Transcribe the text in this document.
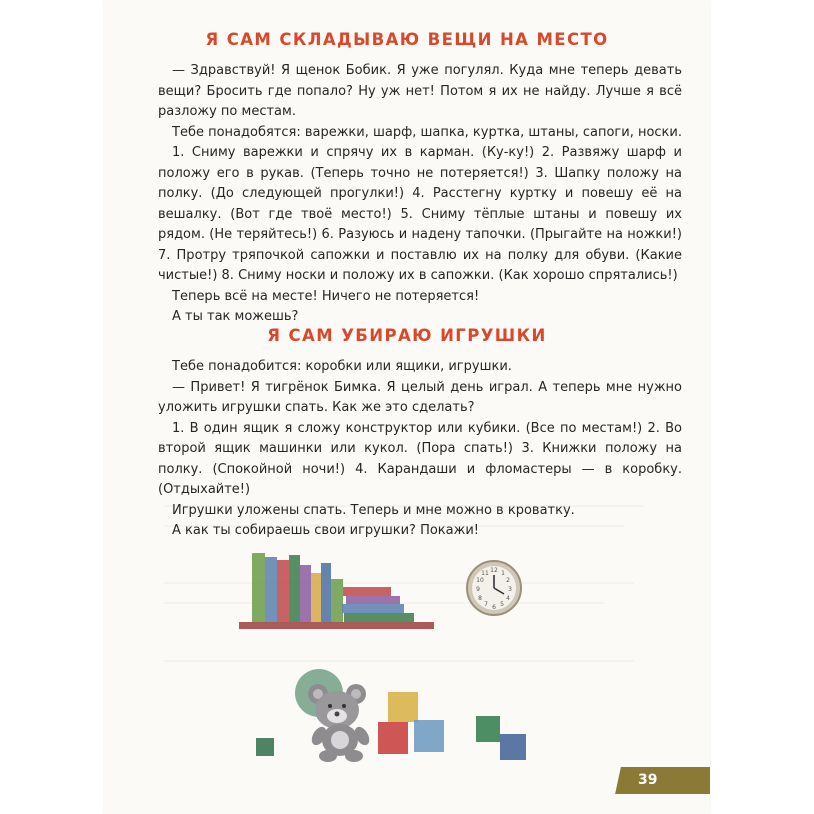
Я САМ СКЛАДЫВАЮ ВЕЩИ НА МЕСТО

— Здравствуй! Я щенок Бобик. Я уже погулял. Куда мне теперь девать вещи? Бросить где попало? Ну уж нет! Потом я их не найду. Лучше я всё разложу по местам.

Тебе понадобятся: варежки, шарф, шапка, куртка, штаны, сапоги, носки.

1. Сниму варежки и спрячу их в карман. (Ку-ку!) 2. Развяжу шарф и положу его в рукав. (Теперь точно не потеряется!) 3. Шапку положу на полку. (До следующей прогулки!) 4. Расстегну куртку и повешу её на вешалку. (Вот где твоё место!) 5. Сниму тёплые штаны и повешу их рядом. (Не теряйтесь!) 6. Разуюсь и надену тапочки. (Прыгайте на ножки!) 7. Протру тряпочкой сапожки и поставлю их на полку для обуви. (Какие чистые!) 8. Сниму носки и положу их в сапожки. (Как хорошо спрятались!)

Теперь всё на месте! Ничего не потеряется!

А ты так можешь?

Я САМ УБИРАЮ ИГРУШКИ

Тебе понадобится: коробки или ящики, игрушки.

— Привет! Я тигрёнок Бимка. Я целый день играл. А теперь мне нужно уложить игрушки спать. Как же это сделать?

1. В один ящик я сложу конструктор или кубики. (Все по местам!) 2. Во второй ящик машинки или кукол. (Пора спать!) 3. Книжки положу на полку. (Спокойной ночи!) 4. Карандаши и фломастеры — в коробку. (Отдыхайте!)

Игрушки уложены спать. Теперь и мне можно в кроватку.

А как ты собираешь свои игрушки? Покажи!

12
3
6
9
1
2
4
5
7
8
10
11
39
